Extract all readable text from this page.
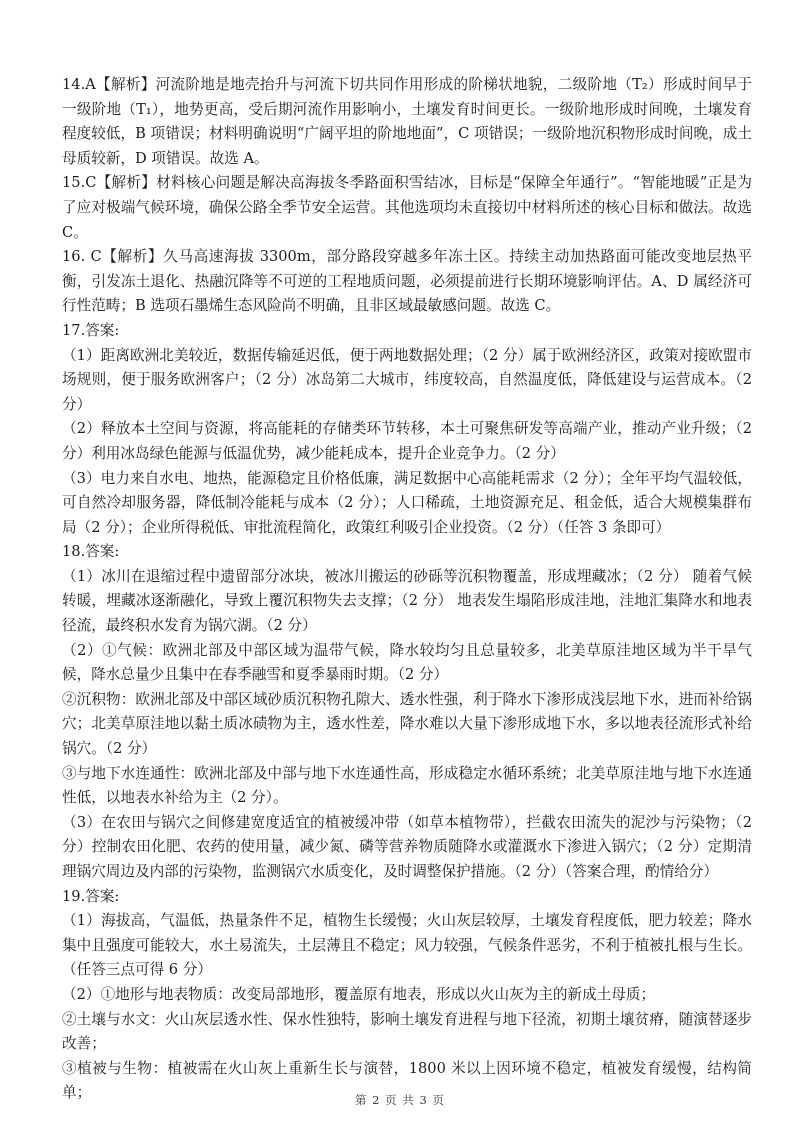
14.A【解析】河流阶地是地壳抬升与河流下切共同作用形成的阶梯状地貌，二级阶地（T₂）形成时间早于一级阶地（T₁），地势更高，受后期河流作用影响小，土壤发育时间更长。一级阶地形成时间晚，土壤发育程度较低，B 项错误；材料明确说明“广阔平坦的阶地地面”，C 项错误；一级阶地沉积物形成时间晚，成土母质较新，D 项错误。故选 A。

15.C【解析】材料核心问题是解决高海拔冬季路面积雪结冰，目标是“保障全年通行”。“智能地暖”正是为了应对极端气候环境，确保公路全季节安全运营。其他选项均未直接切中材料所述的核心目标和做法。故选 C。

16. C【解析】久马高速海拔 3300m，部分路段穿越多年冻土区。持续主动加热路面可能改变地层热平衡，引发冻土退化、热融沉降等不可逆的工程地质问题，必须提前进行长期环境影响评估。A、D 属经济可行性范畴；B 选项石墨烯生态风险尚不明确，且非区域最敏感问题。故选 C。

17.答案:

（1）距离欧洲北美较近，数据传输延迟低，便于两地数据处理；（2 分）属于欧洲经济区，政策对接欧盟市场规则，便于服务欧洲客户；（2 分）冰岛第二大城市，纬度较高，自然温度低，降低建设与运营成本。（2 分）

（2）释放本土空间与资源，将高能耗的存储类环节转移，本土可聚焦研发等高端产业，推动产业升级；（2 分）利用冰岛绿色能源与低温优势，减少能耗成本，提升企业竞争力。（2 分）

（3）电力来自水电、地热，能源稳定且价格低廉，满足数据中心高能耗需求（2 分）；全年平均气温较低，可自然冷却服务器，降低制冷能耗与成本（2 分）；人口稀疏，土地资源充足、租金低，适合大规模集群布局（2 分）；企业所得税低、审批流程简化，政策红利吸引企业投资。（2 分）（任答 3 条即可）

18.答案:

（1）冰川在退缩过程中遗留部分冰块，被冰川搬运的砂砾等沉积物覆盖，形成埋藏冰；（2 分） 随着气候转暖，埋藏冰逐渐融化，导致上覆沉积物失去支撑；（2 分） 地表发生塌陷形成洼地，洼地汇集降水和地表径流，最终积水发育为锅穴湖。（2 分）

（2）①气候：欧洲北部及中部区域为温带气候，降水较均匀且总量较多，北美草原洼地区域为半干旱气候，降水总量少且集中在春季融雪和夏季暴雨时期。（2 分）

②沉积物：欧洲北部及中部区域砂质沉积物孔隙大、透水性强，利于降水下渗形成浅层地下水，进而补给锅穴；北美草原洼地以黏土质冰碛物为主，透水性差，降水难以大量下渗形成地下水，多以地表径流形式补给锅穴。（2 分）

③与地下水连通性：欧洲北部及中部与地下水连通性高，形成稳定水循环系统；北美草原洼地与地下水连通性低，以地表水补给为主（2 分）。

（3）在农田与锅穴之间修建宽度适宜的植被缓冲带（如草本植物带），拦截农田流失的泥沙与污染物；（2 分）控制农田化肥、农药的使用量，减少氮、磷等营养物质随降水或灌溉水下渗进入锅穴；（2 分）定期清理锅穴周边及内部的污染物，监测锅穴水质变化，及时调整保护措施。（2 分）（答案合理，酌情给分）

19.答案:

（1）海拔高，气温低，热量条件不足，植物生长缓慢；火山灰层较厚，土壤发育程度低，肥力较差；降水集中且强度可能较大，水土易流失，土层薄且不稳定；风力较强，气候条件恶劣，不利于植被扎根与生长。（任答三点可得 6 分）

（2）①地形与地表物质：改变局部地形，覆盖原有地表，形成以火山灰为主的新成土母质；

②土壤与水文：火山灰层透水性、保水性独特，影响土壤发育进程与地下径流，初期土壤贫瘠，随演替逐步改善；

③植被与生物：植被需在火山灰上重新生长与演替，1800 米以上因环境不稳定，植被发育缓慢，结构简单；	第 2 页 共 3 页
